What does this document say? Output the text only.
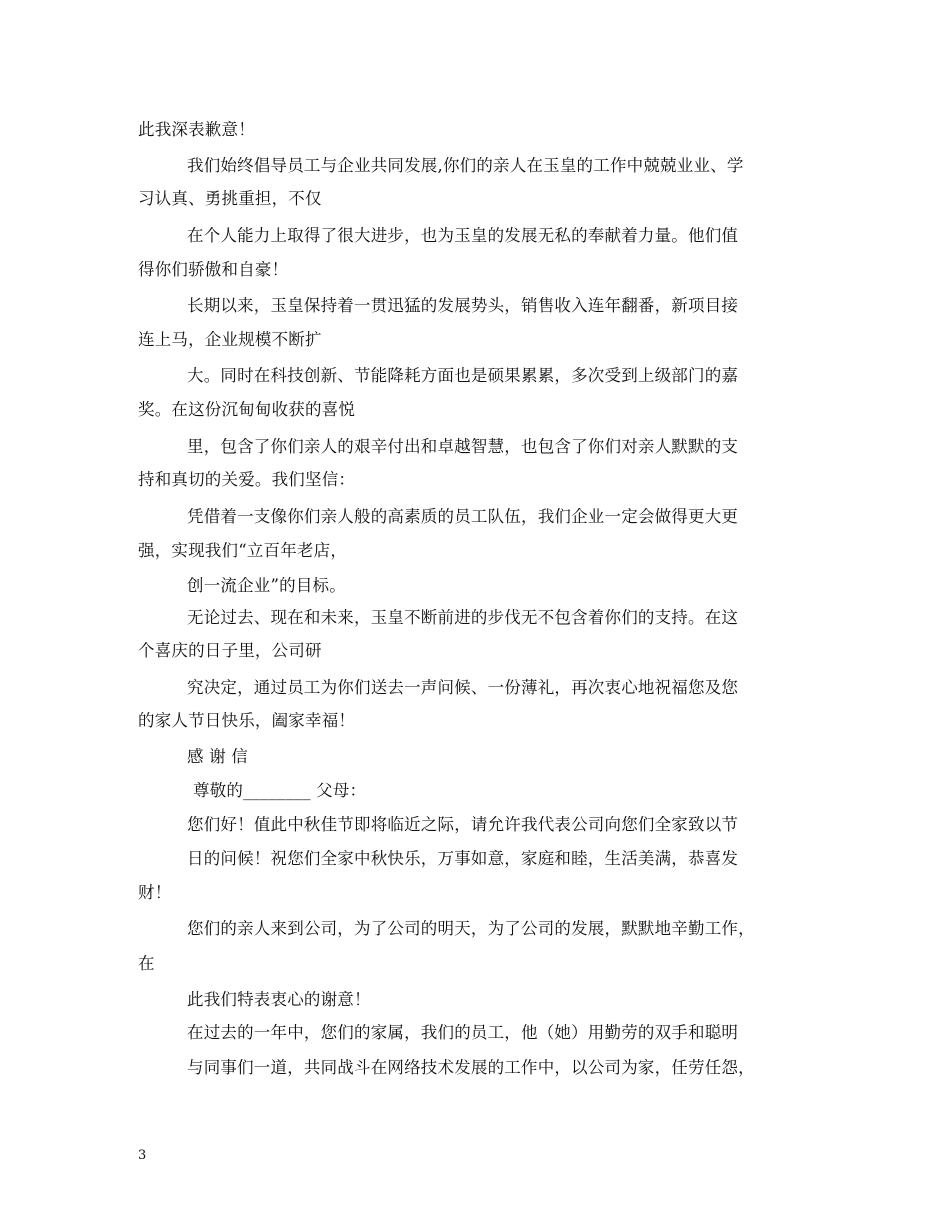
此我深表歉意！
我们始终倡导员工与企业共同发展,你们的亲人在玉皇的工作中兢兢业业、学
习认真、勇挑重担，不仅
在个人能力上取得了很大进步，也为玉皇的发展无私的奉献着力量。他们值
得你们骄傲和自豪！
长期以来，玉皇保持着一贯迅猛的发展势头，销售收入连年翻番，新项目接
连上马，企业规模不断扩
大。同时在科技创新、节能降耗方面也是硕果累累，多次受到上级部门的嘉
奖。在这份沉甸甸收获的喜悦
里，包含了你们亲人的艰辛付出和卓越智慧，也包含了你们对亲人默默的支
持和真切的关爱。我们坚信：
凭借着一支像你们亲人般的高素质的员工队伍，我们企业一定会做得更大更
强，实现我们“立百年老店，
创一流企业”的目标。
无论过去、现在和未来，玉皇不断前进的步伐无不包含着你们的支持。在这
个喜庆的日子里，公司研
究决定，通过员工为你们送去一声问候、一份薄礼，再次衷心地祝福您及您
的家人节日快乐，阖家幸福！
感 谢 信
尊敬的________ 父母：
您们好！值此中秋佳节即将临近之际，请允许我代表公司向您们全家致以节
日的问候！祝您们全家中秋快乐，万事如意，家庭和睦，生活美满，恭喜发
财！
您们的亲人来到公司，为了公司的明天，为了公司的发展，默默地辛勤工作，
在
此我们特表衷心的谢意！
在过去的一年中，您们的家属，我们的员工，他（她）用勤劳的双手和聪明
与同事们一道，共同战斗在网络技术发展的工作中，以公司为家，任劳任怨，
3
